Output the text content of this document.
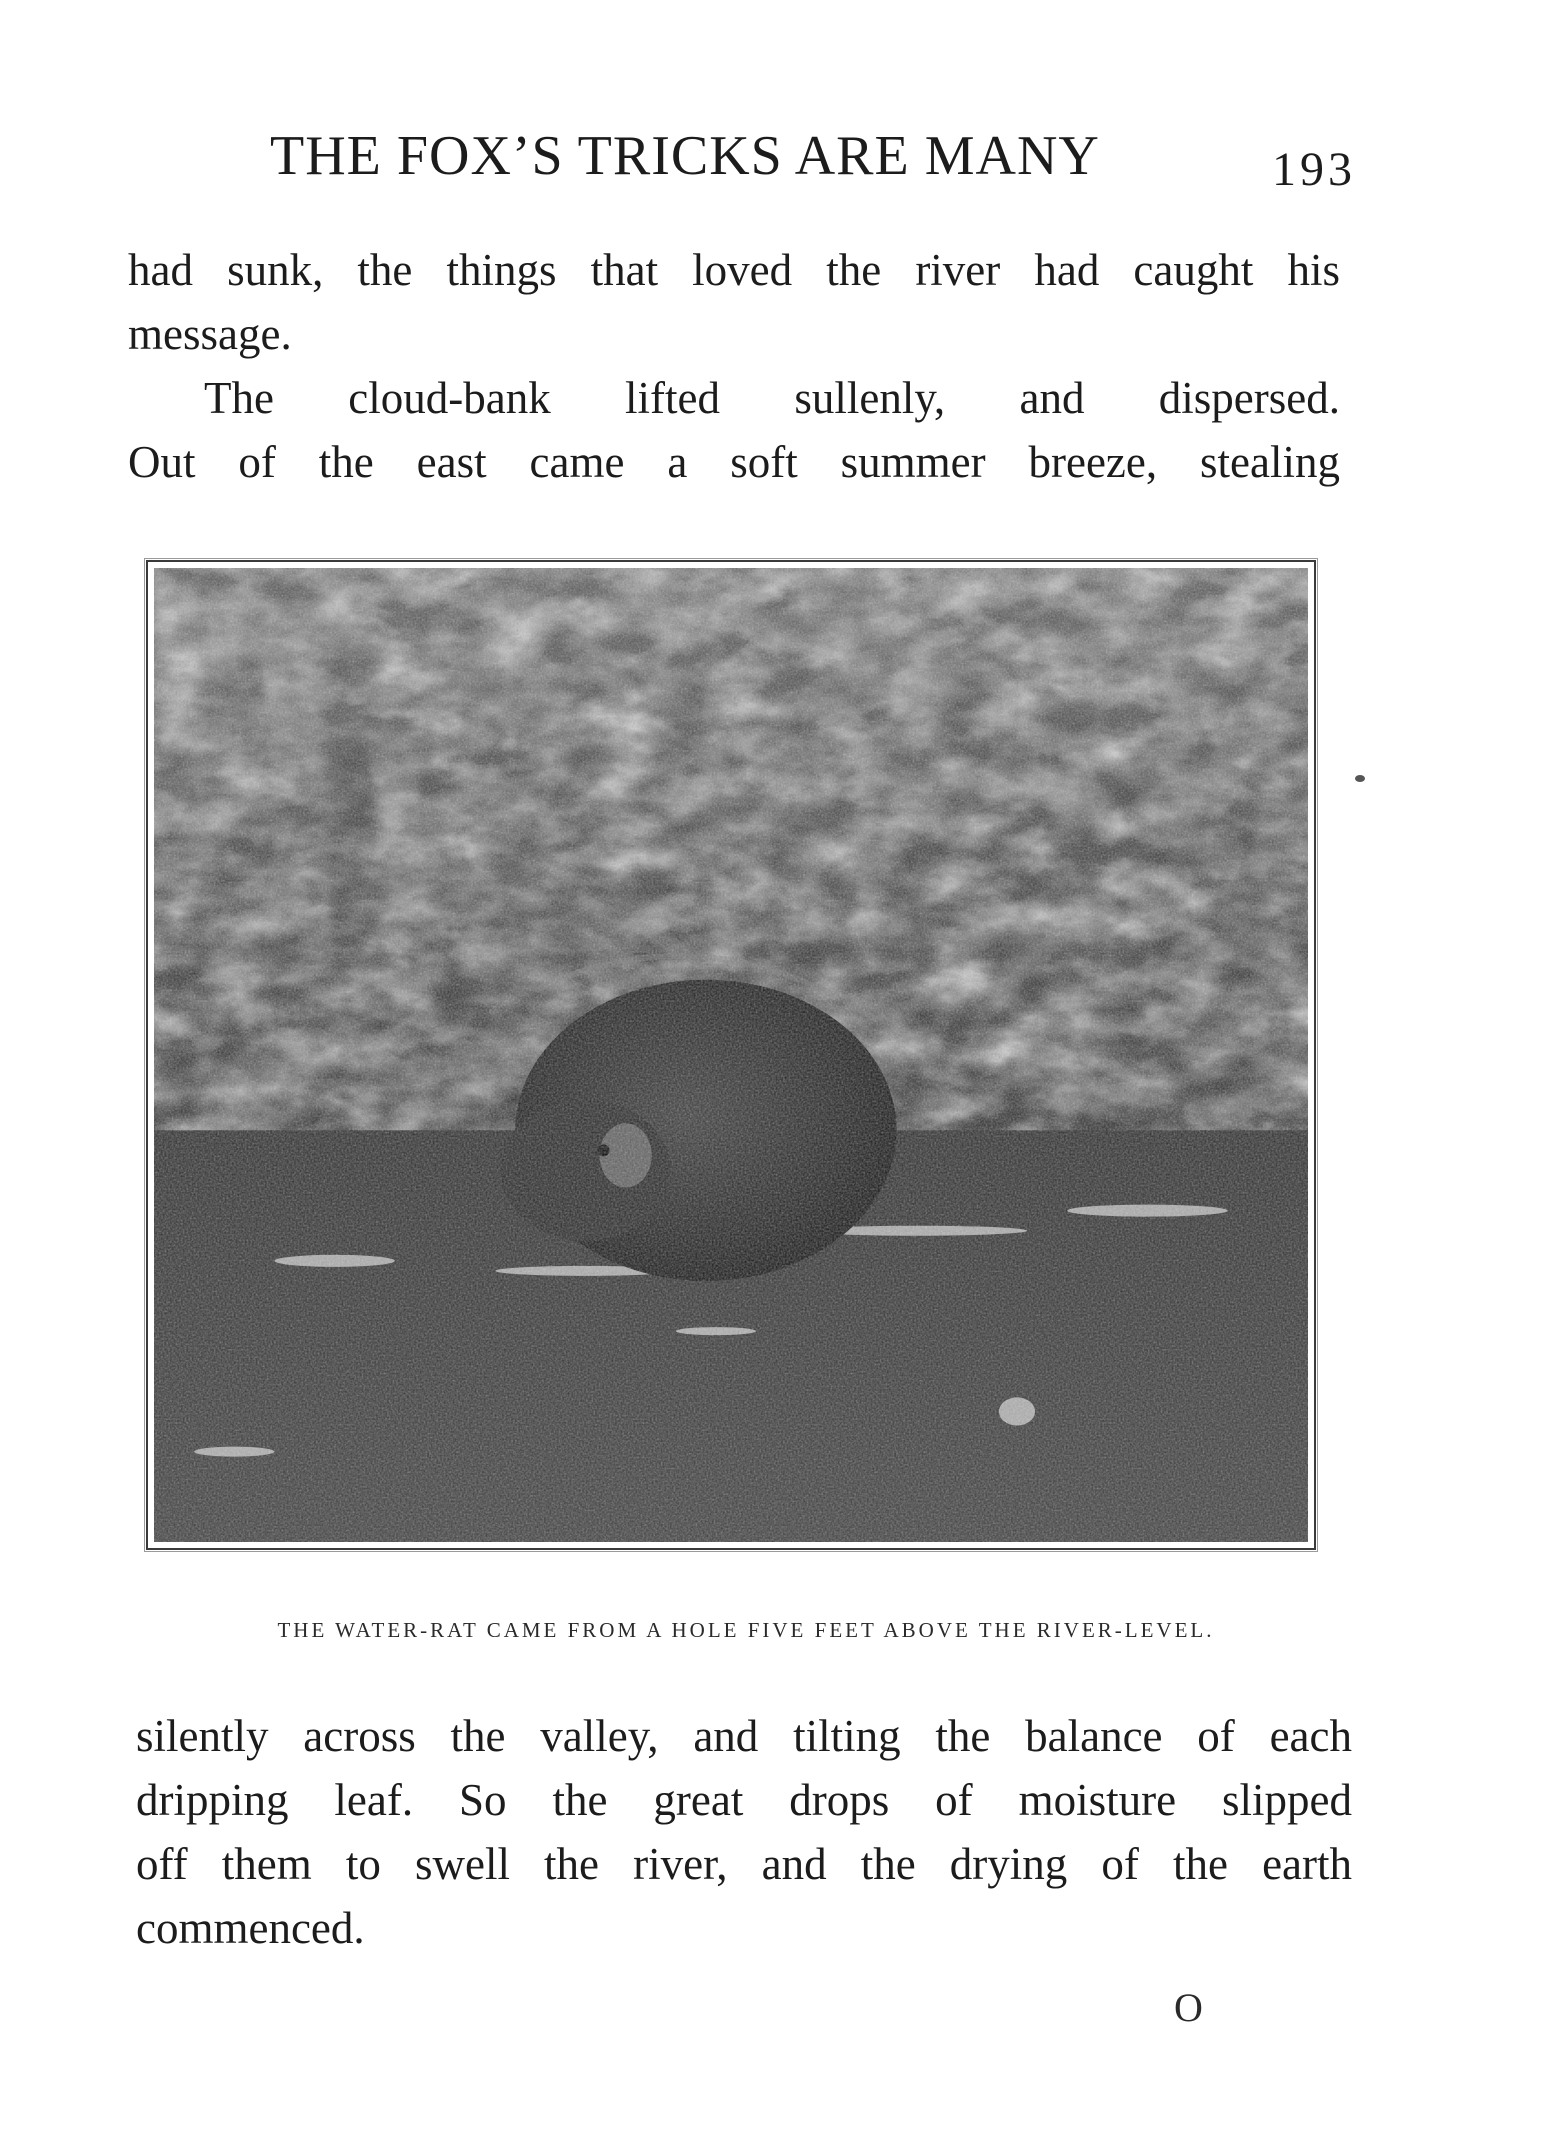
THE FOX’S TRICKS ARE MANY	193

had sunk, the things that loved the river had caught his
message.

The cloud-bank lifted sullenly, and dispersed.
Out of the east came a soft summer breeze, stealing

THE WATER-RAT CAME FROM A HOLE FIVE FEET ABOVE THE RIVER-LEVEL.

silently across the valley, and tilting the balance of each
dripping leaf. So the great drops of moisture slipped
off them to swell the river, and the drying of the earth
commenced.

O
